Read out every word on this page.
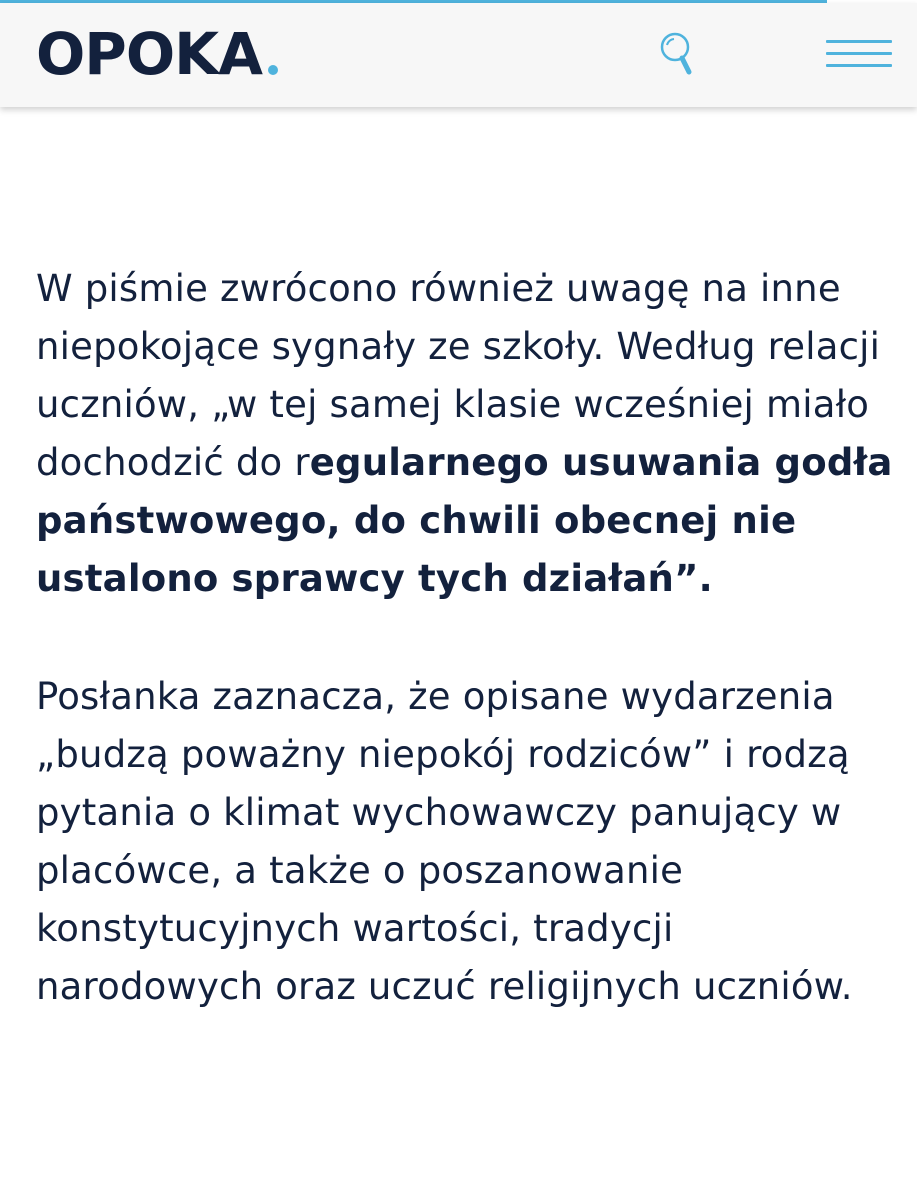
OPOKA

W piśmie zwrócono również uwagę na inne niepokojące sygnały ze szkoły. Według relacji uczniów, „w tej samej klasie wcześniej miało dochodzić do regularnego usuwania godła państwowego, do chwili obecnej nie ustalono sprawcy tych działań”.

Posłanka zaznacza, że opisane wydarzenia „budzą poważny niepokój rodziców” i rodzą pytania o klimat wychowawczy panujący w placówce, a także o poszanowanie konstytucyjnych wartości, tradycji narodowych oraz uczuć religijnych uczniów.
